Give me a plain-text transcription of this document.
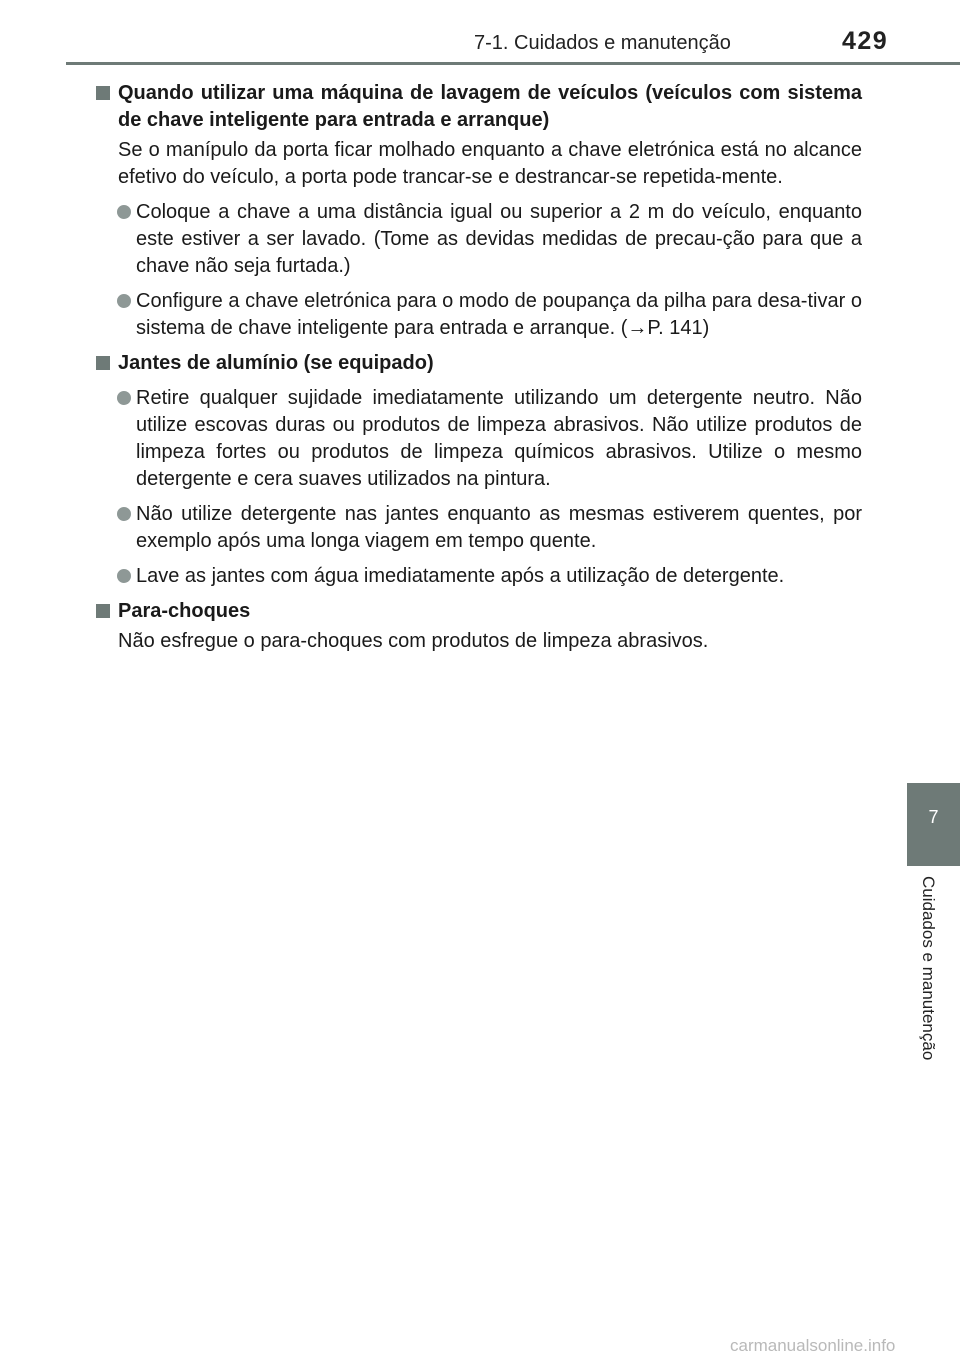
7-1. Cuidados e manutenção	429
7
Cuidados e manutenção
Quando utilizar uma máquina de lavagem de veículos (veículos com sistema de chave inteligente para entrada e arranque)
Se o manípulo da porta ficar molhado enquanto a chave eletrónica está no alcance efetivo do veículo, a porta pode trancar-se e destrancar-se repetida-mente.
Coloque a chave a uma distância igual ou superior a 2 m do veículo, enquanto este estiver a ser lavado. (Tome as devidas medidas de precau-ção para que a chave não seja furtada.)
Configure a chave eletrónica para o modo de poupança da pilha para desa-tivar o sistema de chave inteligente para entrada e arranque. (→P. 141)
Jantes de alumínio (se equipado)
Retire qualquer sujidade imediatamente utilizando um detergente neutro. Não utilize escovas duras ou produtos de limpeza abrasivos. Não utilize produtos de limpeza fortes ou produtos de limpeza químicos abrasivos. Utilize o mesmo detergente e cera suaves utilizados na pintura.
Não utilize detergente nas jantes enquanto as mesmas estiverem quentes, por exemplo após uma longa viagem em tempo quente.
Lave as jantes com água imediatamente após a utilização de detergente.
Para-choques
Não esfregue o para-choques com produtos de limpeza abrasivos.
carmanualsonline.info
